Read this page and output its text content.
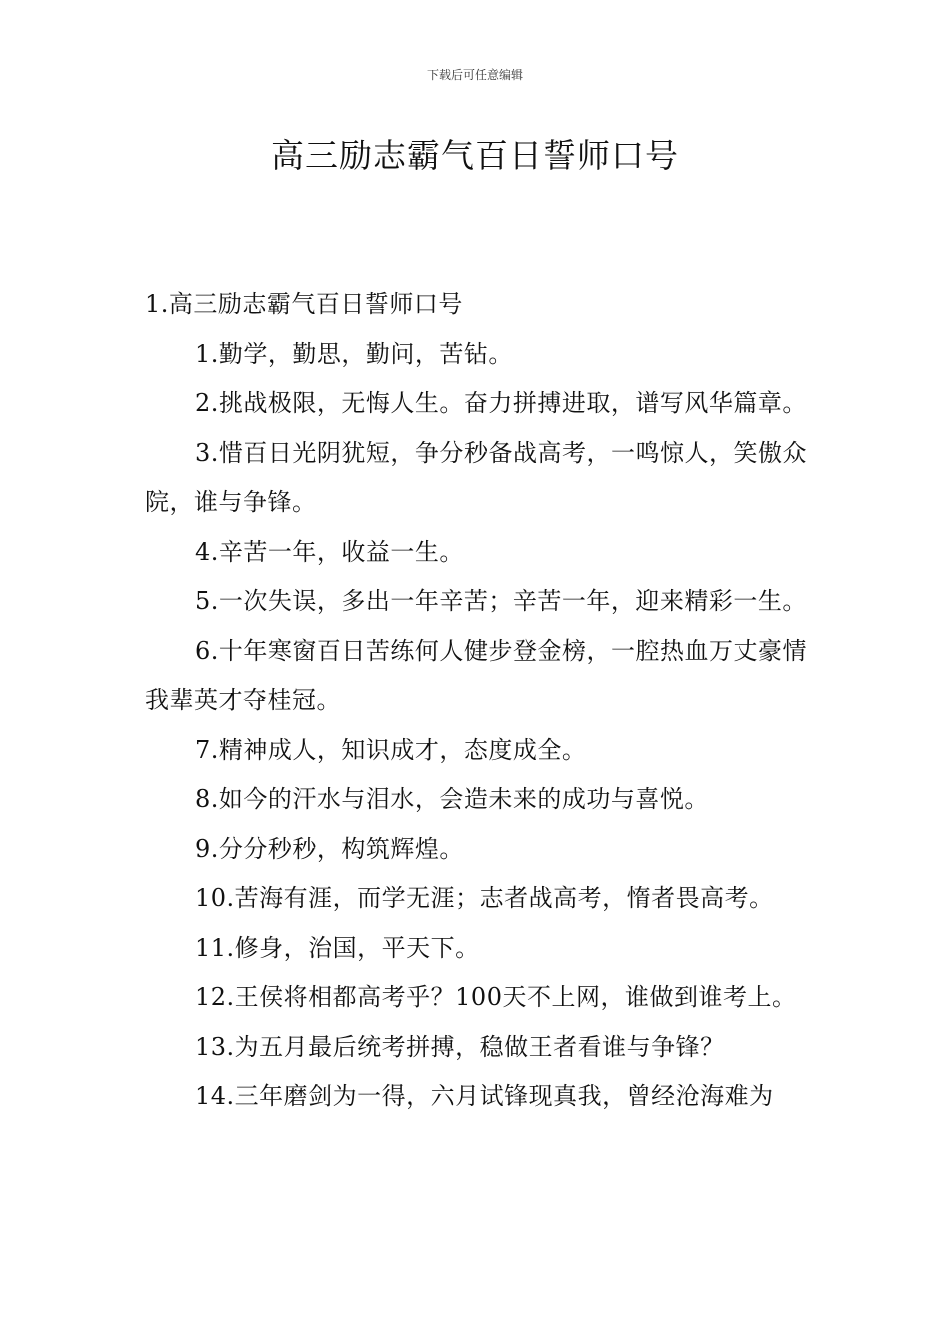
下载后可任意编辑
高三励志霸气百日誓师口号

1.高三励志霸气百日誓师口号

1.勤学，勤思，勤问，苦钻。

2.挑战极限，无悔人生。奋力拼搏进取，谱写风华篇章。

3.惜百日光阴犹短，争分秒备战高考，一鸣惊人，笑傲众院，谁与争锋。

4.辛苦一年，收益一生。

5.一次失误，多出一年辛苦；辛苦一年，迎来精彩一生。

6.十年寒窗百日苦练何人健步登金榜，一腔热血万丈豪情我辈英才夺桂冠。

7.精神成人，知识成才，态度成全。

8.如今的汗水与泪水，会造未来的成功与喜悦。

9.分分秒秒，构筑辉煌。

10.苦海有涯，而学无涯；志者战高考，惰者畏高考。

11.修身，治国，平天下。

12.王侯将相都高考乎？100天不上网，谁做到谁考上。

13.为五月最后统考拼搏，稳做王者看谁与争锋？

14.三年磨剑为一得，六月试锋现真我，曾经沧海难为
